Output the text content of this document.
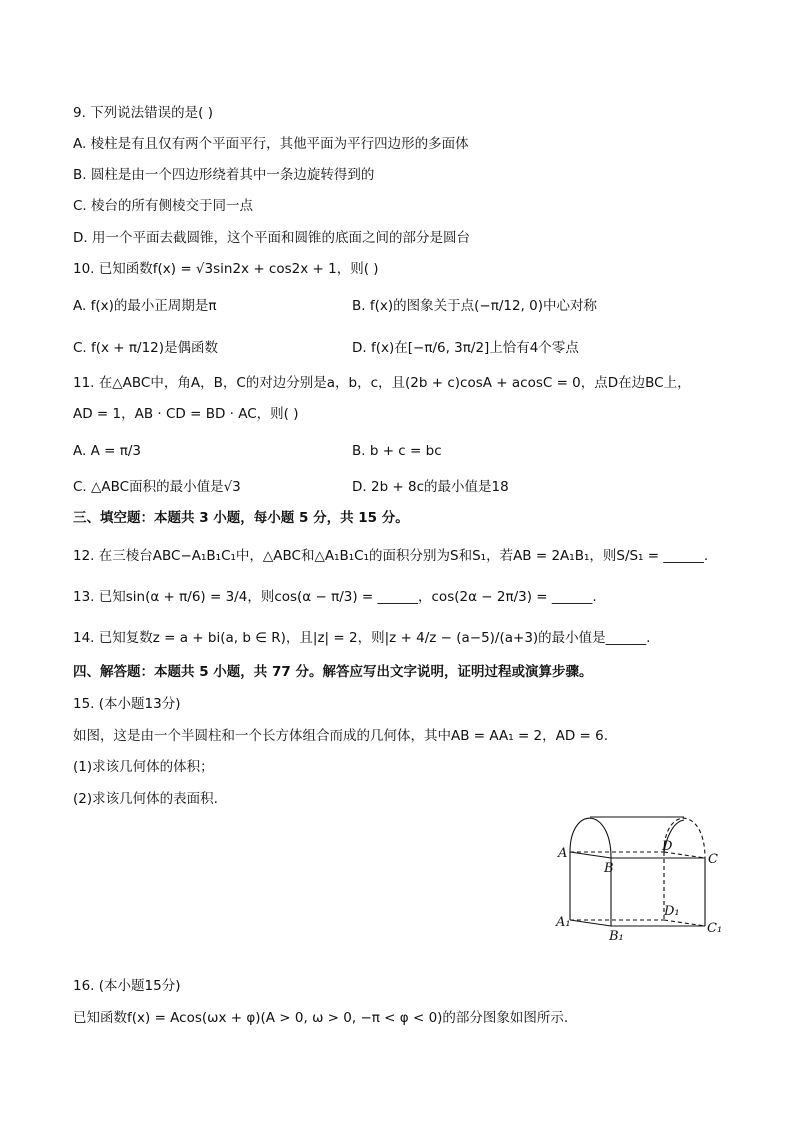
9. 下列说法错误的是( )
A. 棱柱是有且仅有两个平面平行，其他平面为平行四边形的多面体
B. 圆柱是由一个四边形绕着其中一条边旋转得到的
C. 棱台的所有侧棱交于同一点
D. 用一个平面去截圆锥，这个平面和圆锥的底面之间的部分是圆台
10. 已知函数f(x) = √3sin2x + cos2x + 1，则( )
A. f(x)的最小正周期是π	B. f(x)的图象关于点(−π/12, 0)中心对称
C. f(x + π/12)是偶函数	D. f(x)在[−π/6, 3π/2]上恰有4个零点
11. 在△ABC中，角A，B，C的对边分别是a，b，c，且(2b + c)cosA + acosC = 0，点D在边BC上，
AD = 1，AB · CD = BD · AC，则( )
A. A = π/3	B. b + c = bc
C. △ABC面积的最小值是√3	D. 2b + 8c的最小值是18
三、填空题：本题共 3 小题，每小题 5 分，共 15 分。
12. 在三棱台ABC−A₁B₁C₁中，△ABC和△A₁B₁C₁的面积分别为S和S₁，若AB = 2A₁B₁，则S/S₁ = ______.
13. 已知sin(α + π/6) = 3/4，则cos(α − π/3) = ______，cos(2α − 2π/3) = ______.
14. 已知复数z = a + bi(a, b ∈ R)，且|z| = 2，则|z + 4/z − (a−5)/(a+3)的最小值是______.
四、解答题：本题共 5 小题，共 77 分。解答应写出文字说明，证明过程或演算步骤。
15. (本小题13分)
如图，这是由一个半圆柱和一个长方体组合而成的几何体，其中AB = AA₁ = 2，AD = 6.
(1)求该几何体的体积；
(2)求该几何体的表面积.
A
B
C
D
A₁
B₁
C₁
D₁
16. (本小题15分)
已知函数f(x) = Acos(ωx + φ)(A > 0, ω > 0, −π < φ < 0)的部分图象如图所示.
